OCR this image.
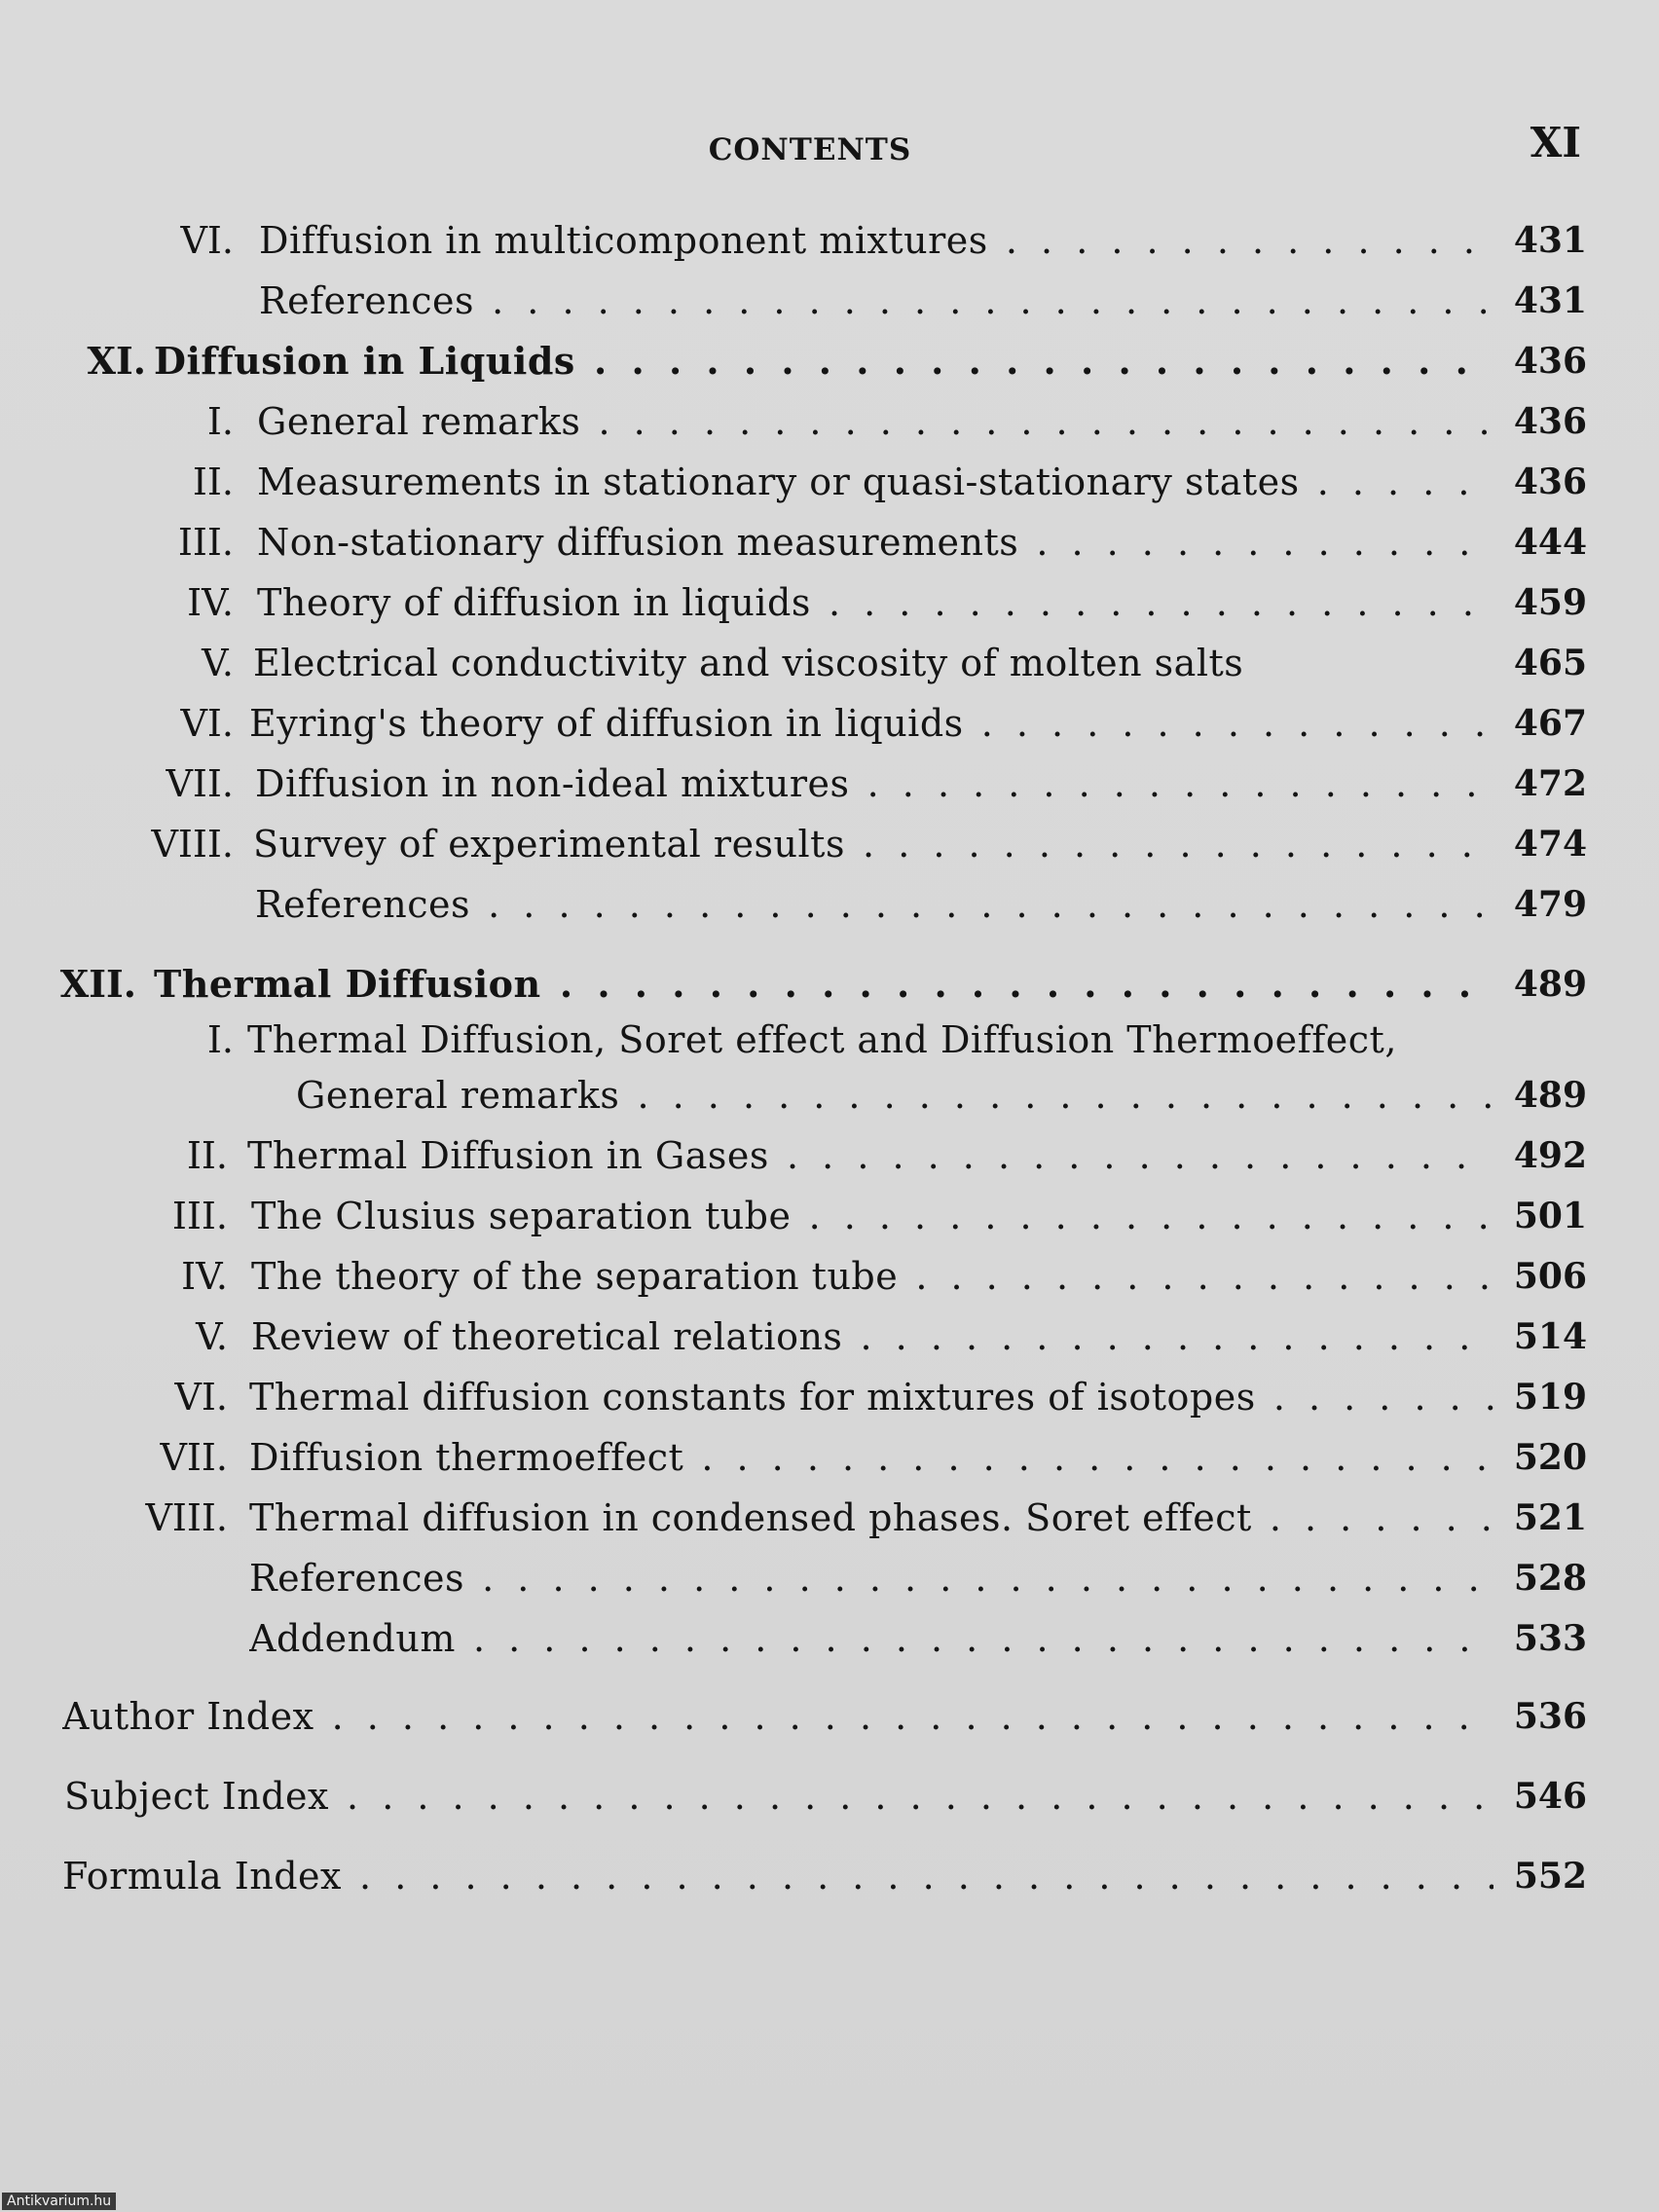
CONTENTS	XI
VI. Diffusion in multicomponent mixtures . . .	431
References . . .	431
XI. Diffusion in Liquids . . .	436
I. General remarks . . .	436
II. Measurements in stationary or quasi-stationary states . . .	436
III. Non-stationary diffusion measurements . . .	444
IV. Theory of diffusion in liquids . . .	459
V. Electrical conductivity and viscosity of molten salts	465
VI. Eyring's theory of diffusion in liquids . . .	467
VII. Diffusion in non-ideal mixtures . . .	472
VIII. Survey of experimental results . . .	474
References . . .	479
XII. Thermal Diffusion . . .	489
I. Thermal Diffusion, Soret effect and Diffusion Thermoeffect,
General remarks . . .	489
II. Thermal Diffusion in Gases . . .	492
III. The Clusius separation tube . . .	501
IV. The theory of the separation tube . . .	506
V. Review of theoretical relations . . .	514
VI. Thermal diffusion constants for mixtures of isotopes . . .	519
VII. Diffusion thermoeffect . . .	520
VIII. Thermal diffusion in condensed phases. Soret effect . . .	521
References . . .	528
Addendum . . .	533
Author Index . . .	536
Subject Index . . .	546
Formula Index . . .	552
Antikvarium.hu
